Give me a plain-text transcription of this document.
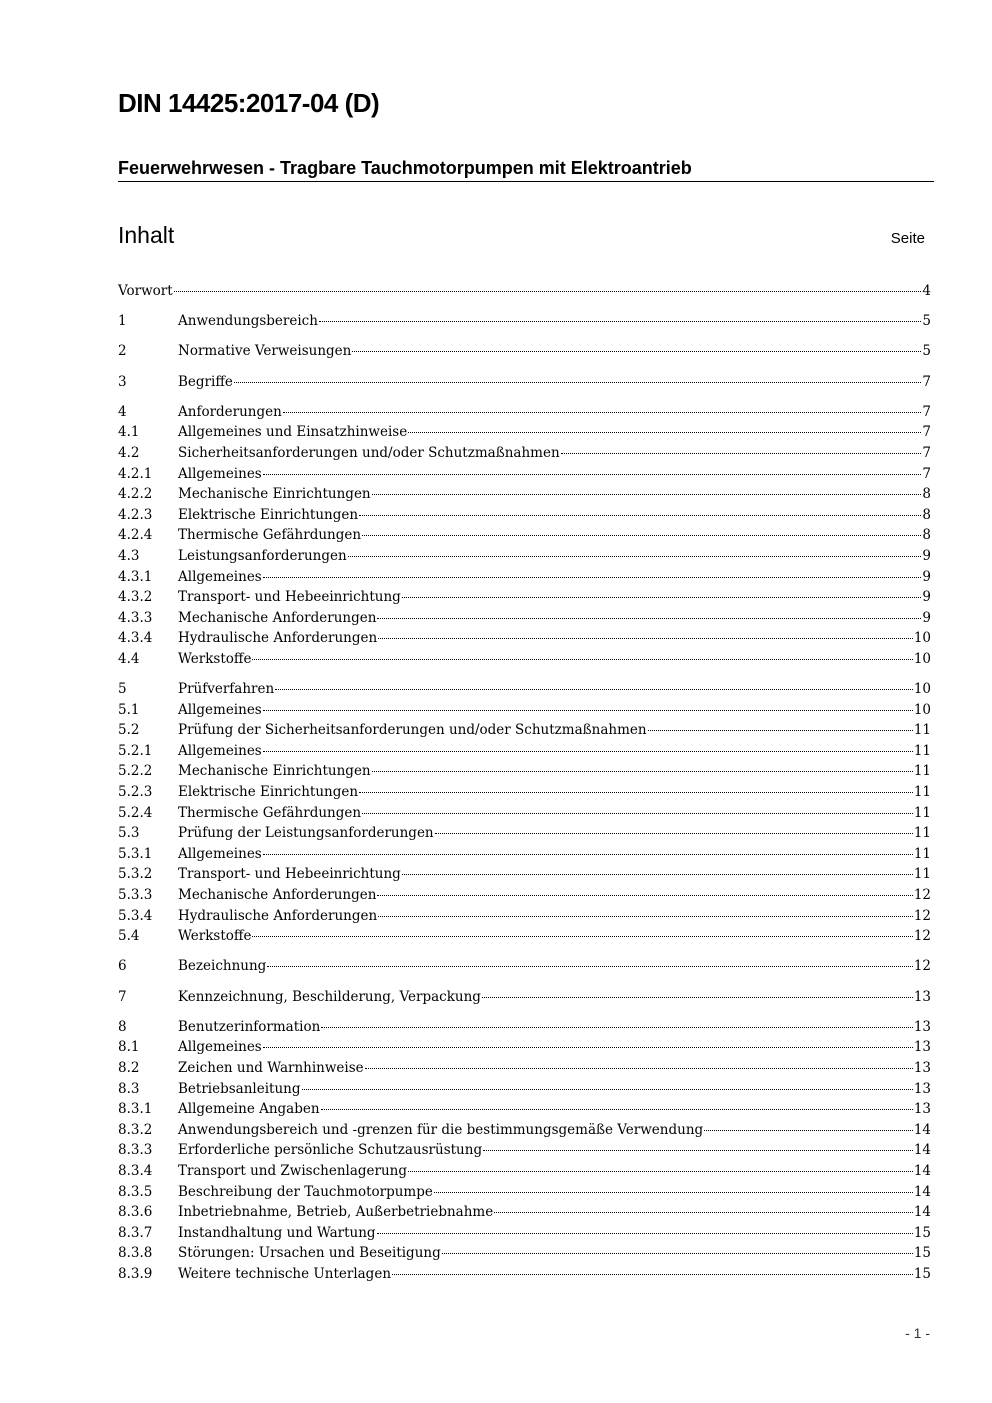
DIN 14425:2017-04 (D)
Feuerwehrwesen - Tragbare Tauchmotorpumpen mit Elektroantrieb
Inhalt	Seite
Vorwort	4
1	Anwendungsbereich	5
2	Normative Verweisungen	5
3	Begriffe	7
4	Anforderungen	7
4.1	Allgemeines und Einsatzhinweise	7
4.2	Sicherheitsanforderungen und/oder Schutzmaßnahmen	7
4.2.1	Allgemeines	7
4.2.2	Mechanische Einrichtungen	8
4.2.3	Elektrische Einrichtungen	8
4.2.4	Thermische Gefährdungen	8
4.3	Leistungsanforderungen	9
4.3.1	Allgemeines	9
4.3.2	Transport- und Hebeeinrichtung	9
4.3.3	Mechanische Anforderungen	9
4.3.4	Hydraulische Anforderungen	10
4.4	Werkstoffe	10
5	Prüfverfahren	10
5.1	Allgemeines	10
5.2	Prüfung der Sicherheitsanforderungen und/oder Schutzmaßnahmen	11
5.2.1	Allgemeines	11
5.2.2	Mechanische Einrichtungen	11
5.2.3	Elektrische Einrichtungen	11
5.2.4	Thermische Gefährdungen	11
5.3	Prüfung der Leistungsanforderungen	11
5.3.1	Allgemeines	11
5.3.2	Transport- und Hebeeinrichtung	11
5.3.3	Mechanische Anforderungen	12
5.3.4	Hydraulische Anforderungen	12
5.4	Werkstoffe	12
6	Bezeichnung	12
7	Kennzeichnung, Beschilderung, Verpackung	13
8	Benutzerinformation	13
8.1	Allgemeines	13
8.2	Zeichen und Warnhinweise	13
8.3	Betriebsanleitung	13
8.3.1	Allgemeine Angaben	13
8.3.2	Anwendungsbereich und -grenzen für die bestimmungsgemäße Verwendung	14
8.3.3	Erforderliche persönliche Schutzausrüstung	14
8.3.4	Transport und Zwischenlagerung	14
8.3.5	Beschreibung der Tauchmotorpumpe	14
8.3.6	Inbetriebnahme, Betrieb, Außerbetriebnahme	14
8.3.7	Instandhaltung und Wartung	15
8.3.8	Störungen: Ursachen und Beseitigung	15
8.3.9	Weitere technische Unterlagen	15
- 1 -
